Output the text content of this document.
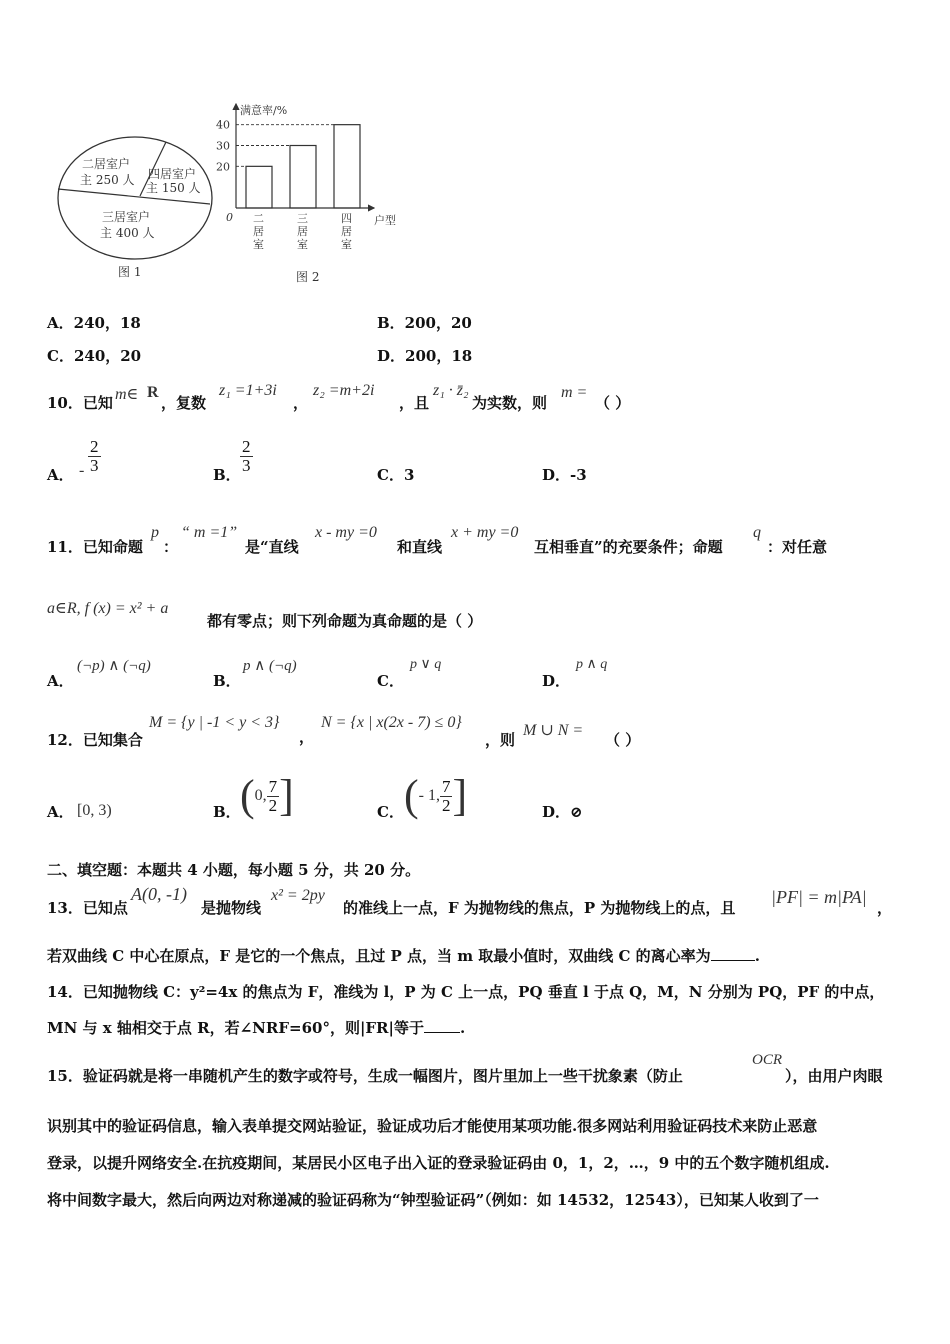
二居室户
主 250 人 四居室户
主 150 人
三居室户
主 400 人
图 1
满意率/%
户型
0
20
二
居
室
30
三
居
室
40
四
居
室
图 2
A．240，18	B．200，20
C．240，20	D．200，18
10．已知 m∈ R
，复数
z₁ =1+3i
，
z₂ =m+2i
，且
z₁ · z̄₂
为实数，则
m =
（ ）
A． - $\frac{2}{3}$	B． $\frac{2}{3}$	C．3	D．-3
11．已知命题
p
：
“ m =1”
是“直线
x - my =0
和直线
x + my =0
互相垂直”的充要条件；命题
q
：对任意
a∈R, f (x) = x² + a
都有零点；则下列命题为真命题的是（ ）
A．
(¬p) ∧ (¬q)
B．
p ∧ (¬q)
C．
p ∨ q
D．
p ∧ q
12．已知集合
M = {y | -1 < y < 3}
，
N = {x | x(2x - 7) ≤ 0}
，则
M ∪ N =
（ ）
A． [0, 3)	B． (0, $\frac{7}{2}$ ]	C． (- 1, $\frac{7}{2}$ ]	D．⊘
二、填空题：本题共 4 小题，每小题 5 分，共 20 分。
13．已知点
A(0, -1)
是抛物线
x² = 2py
的准线上一点，F 为抛物线的焦点，P 为抛物线上的点，且
|PF| = m|PA|
，
若双曲线 C 中心在原点，F 是它的一个焦点，且过 P 点，当 m 取最小值时，双曲线 C 的离心率为	.
14．已知抛物线 C：y²=4x 的焦点为 F，准线为 l，P 为 C 上一点，PQ 垂直 l 于点 Q，M，N 分别为 PQ，PF 的中点，
MN 与 x 轴相交于点 R，若∠NRF=60°，则|FR|等于 .
15．验证码就是将一串随机产生的数字或符号，生成一幅图片，图片里加上一些干扰象素（防止
OCR
），由用户肉眼
识别其中的验证码信息，输入表单提交网站验证，验证成功后才能使用某项功能.很多网站利用验证码技术来防止恶意
登录，以提升网络安全.在抗疫期间，某居民小区电子出入证的登录验证码由 0，1，2，…，9 中的五个数字随机组成.
将中间数字最大，然后向两边对称递减的验证码称为“钟型验证码”（例如：如 14532，12543），已知某人收到了一
